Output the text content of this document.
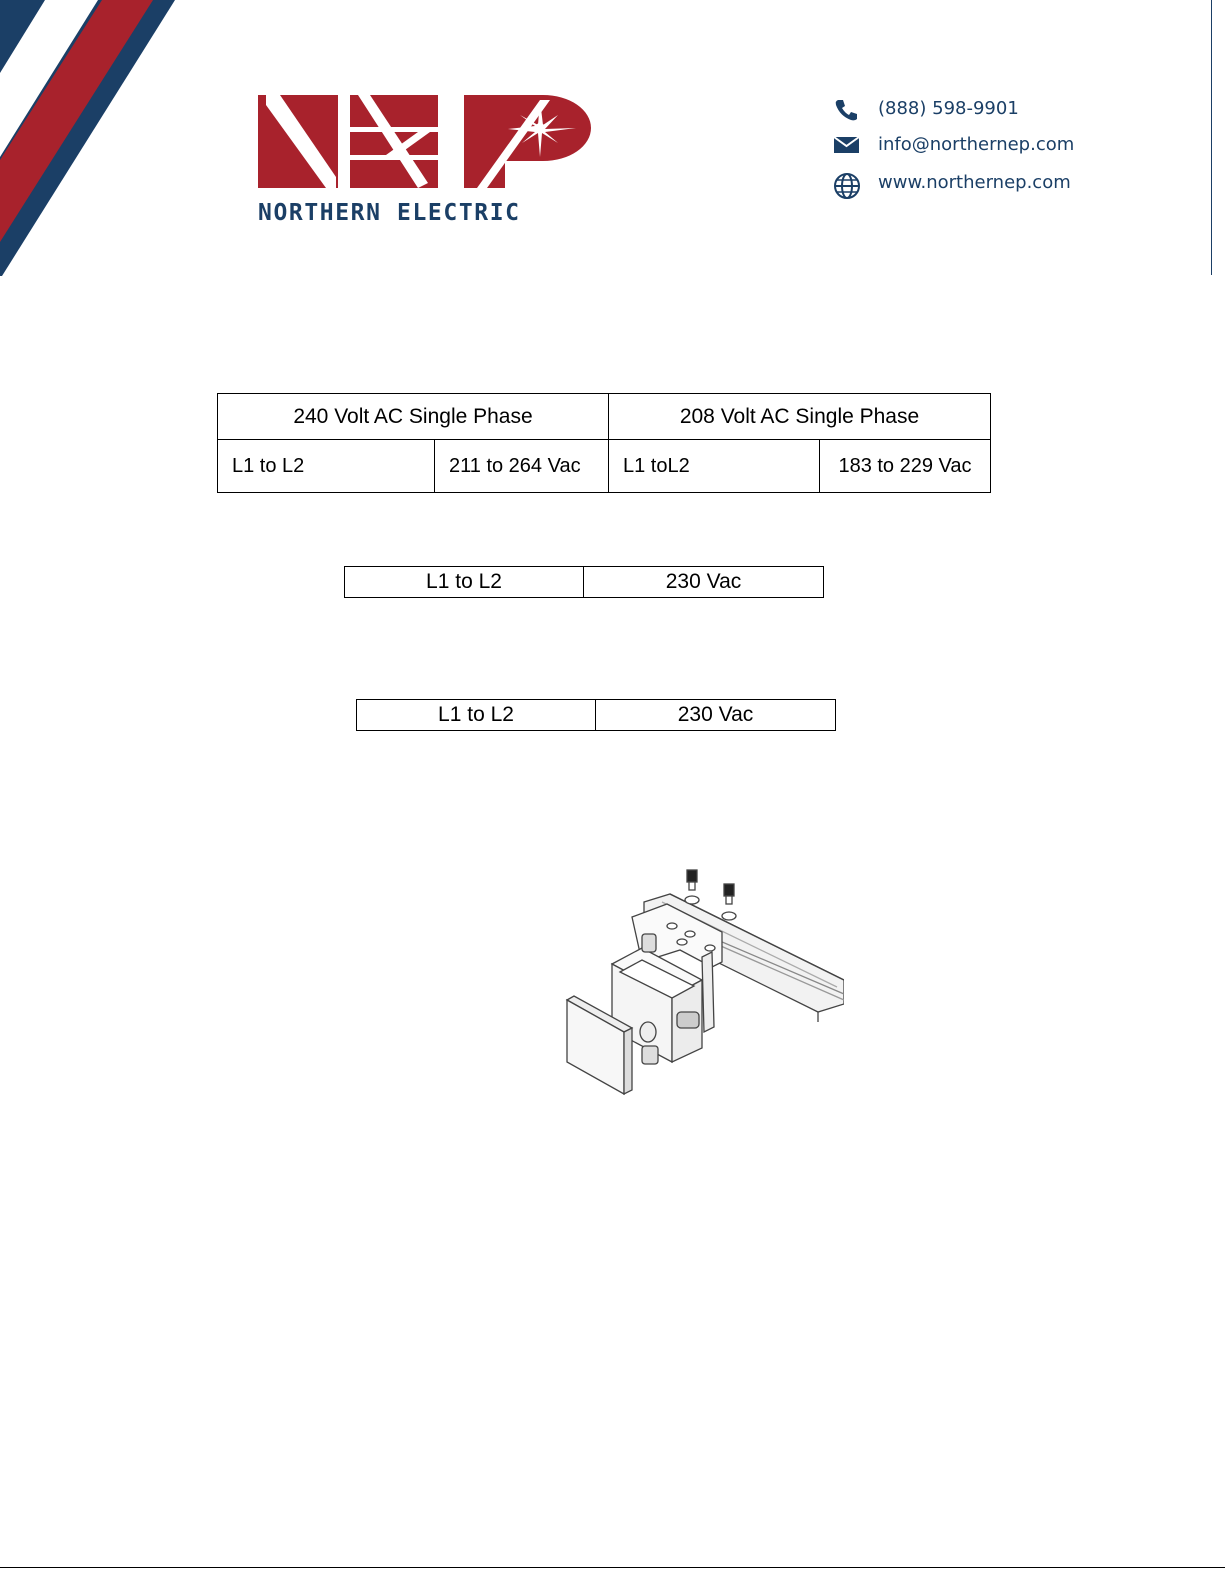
NORTHERN ELECTRIC
(888) 598-9901
info@northernep.com
www.northernep.com
240 Volt AC Single Phase		208 Volt AC Single Phase	
L1 to L2	211 to 264 Vac	L1 toL2	183 to 229 Vac
L1 to L2	230 Vac
L1 to L2	230 Vac
